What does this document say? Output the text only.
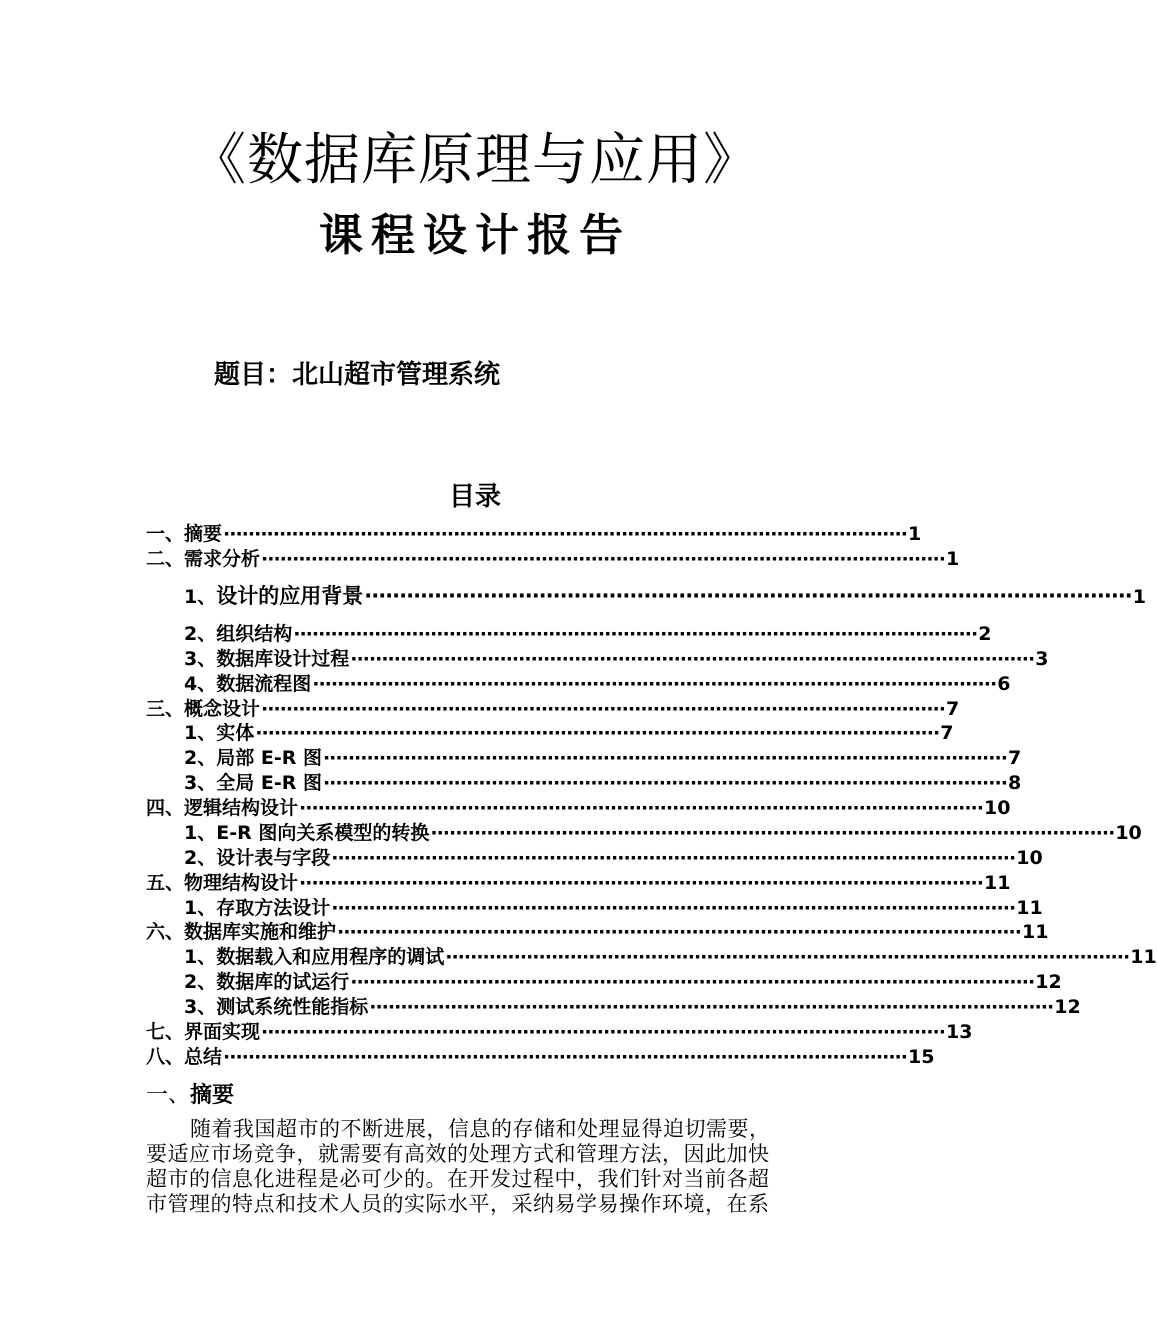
《数据库原理与应用》
课程设计报告
题目：北山超市管理系统
目录
一、 摘要 ·············································································································· 1
二、 需求分析 ·············································································································· 1
1、 设计的应用背景 ·············································································································· 1
2、 组织结构 ·············································································································· 2
3、 数据库设计过程 ·············································································································· 3
4、 数据流程图 ·············································································································· 6
三、 概念设计 ·············································································································· 7
1、 实体 ·············································································································· 7
2、 局部 E-R 图 ·············································································································· 7
3、 全局 E-R 图 ·············································································································· 8
四、 逻辑结构设计 ·············································································································· 10
1、 E-R 图向关系模型的转换 ·············································································································· 10
2、 设计表与字段 ·············································································································· 10
五、 物理结构设计 ·············································································································· 11
1、 存取方法设计 ·············································································································· 11
六、 数据库实施和维护 ·············································································································· 11
1、 数据载入和应用程序的调试 ·············································································································· 11
2、 数据库的试运行 ·············································································································· 12
3、 测试系统性能指标 ·············································································································· 12
七、 界面实现 ·············································································································· 13
八、 总结 ·············································································································· 15
一、摘要
随着我国超市的不断进展，信息的存储和处理显得迫切需要，
要适应市场竞争，就需要有高效的处理方式和管理方法，因此加快
超市的信息化进程是必可少的。在开发过程中，我们针对当前各超
市管理的特点和技术人员的实际水平，采纳易学易操作环境，在系
